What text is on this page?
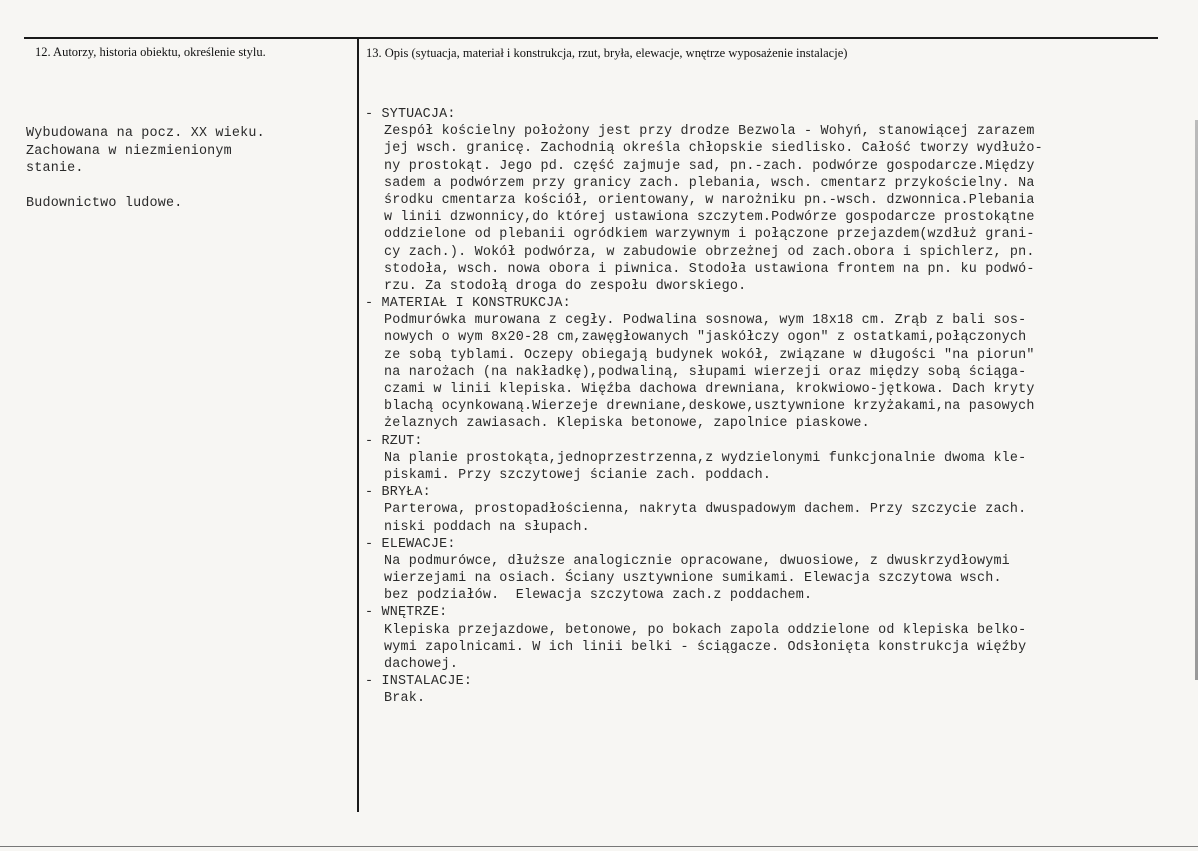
12. Autorzy, historia obiektu, określenie stylu.	13. Opis (sytuacja, materiał i konstrukcja, rzut, bryła, elewacje, wnętrze wyposażenie instalacje)
Wybudowana na pocz. XX wieku.
Zachowana w niezmienionym
stanie.
Budownictwo ludowe.
- SYTUACJA:
Zespół kościelny położony jest przy drodze Bezwola - Wohyń, stanowiącej zarazem
jej wsch. granicę. Zachodnią określa chłopskie siedlisko. Całość tworzy wydłużo-
ny prostokąt. Jego pd. część zajmuje sad, pn.-zach. podwórze gospodarcze.Między
sadem a podwórzem przy granicy zach. plebania, wsch. cmentarz przykościelny. Na
środku cmentarza kościół, orientowany, w narożniku pn.-wsch. dzwonnica.Plebania
w linii dzwonnicy,do której ustawiona szczytem.Podwórze gospodarcze prostokątne
oddzielone od plebanii ogródkiem warzywnym i połączone przejazdem(wzdłuż grani-
cy zach.). Wokół podwórza, w zabudowie obrzeżnej od zach.obora i spichlerz, pn.
stodoła, wsch. nowa obora i piwnica. Stodoła ustawiona frontem na pn. ku podwó-
rzu. Za stodołą droga do zespołu dworskiego.
- MATERIAŁ I KONSTRUKCJA:
Podmurówka murowana z cegły. Podwalina sosnowa, wym 18x18 cm. Zrąb z bali sos-
nowych o wym 8x20-28 cm,zawęgłowanych "jaskółczy ogon" z ostatkami,połączonych
ze sobą tyblami. Oczepy obiegają budynek wokół, związane w długości "na piorun"
na narożach (na nakładkę),podwaliną, słupami wierzeji oraz między sobą ściąga-
czami w linii klepiska. Więźba dachowa drewniana, krokwiowo-jętkowa. Dach kryty
blachą ocynkowaną.Wierzeje drewniane,deskowe,usztywnione krzyżakami,na pasowych
żelaznych zawiasach. Klepiska betonowe, zapolnice piaskowe.
- RZUT:
Na planie prostokąta,jednoprzestrzenna,z wydzielonymi funkcjonalnie dwoma kle-
piskami. Przy szczytowej ścianie zach. poddach.
- BRYŁA:
Parterowa, prostopadłościenna, nakryta dwuspadowym dachem. Przy szczycie zach.
niski poddach na słupach.
- ELEWACJE:
Na podmurówce, dłuższe analogicznie opracowane, dwuosiowe, z dwuskrzydłowymi
wierzejami na osiach. Ściany usztywnione sumikami. Elewacja szczytowa wsch.
bez podziałów.  Elewacja szczytowa zach.z poddachem.
- WNĘTRZE:
Klepiska przejazdowe, betonowe, po bokach zapola oddzielone od klepiska belko-
wymi zapolnicami. W ich linii belki - ściągacze. Odsłonięta konstrukcja więźby
dachowej.
- INSTALACJE:
Brak.
